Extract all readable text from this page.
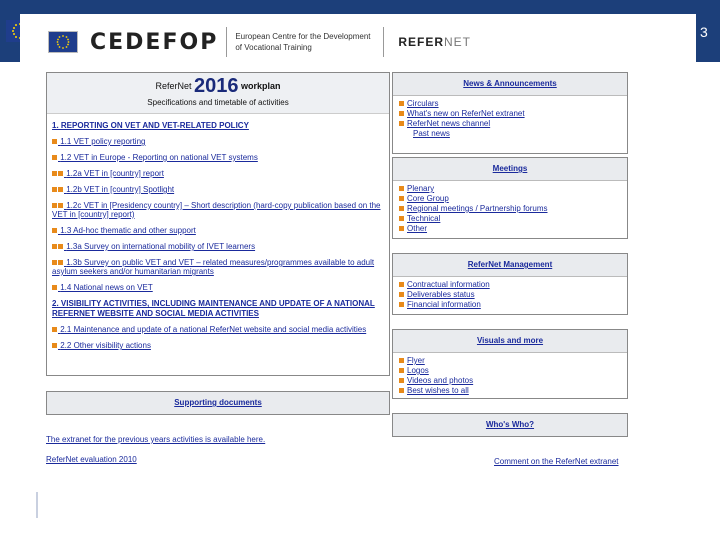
3
CEDEFOP European Centre for the Development of Vocational Training	REFERNET
ReferNet 2016 workplan
Specifications and timetable of activities
1. REPORTING ON VET AND VET-RELATED POLICY
1.1 VET policy reporting
1.2 VET in Europe - Reporting on national VET systems
1.2a VET in [country] report
1.2b VET in [country] Spotlight
1.2c VET in [Presidency country] – Short description (hard-copy publication based on the VET in [country] report)
1.3 Ad-hoc thematic and other support
1.3a Survey on international mobility of IVET learners
1.3b Survey on public VET and VET – related measures/programmes available to adult asylum seekers and/or humanitarian migrants
1.4 National news on VET
2. VISIBILITY ACTIVITIES, INCLUDING MAINTENANCE AND UPDATE OF A NATIONAL REFERNET WEBSITE AND SOCIAL MEDIA ACTIVITIES
2.1 Maintenance and update of a national ReferNet website and social media activities
2.2 Other visibility actions
Supporting documents
The extranet for the previous years activities is available here.
ReferNet evaluation 2010	Comment on the ReferNet extranet
News & Announcements
Circulars
What's new on ReferNet extranet
ReferNet news channel
Past news
Meetings
Plenary
Core Group
Regional meetings / Partnership forums
Technical
Other
ReferNet Management
Contractual information
Deliverables status
Financial information
Visuals and more
Flyer
Logos
Videos and photos
Best wishes to all
Who's Who?
